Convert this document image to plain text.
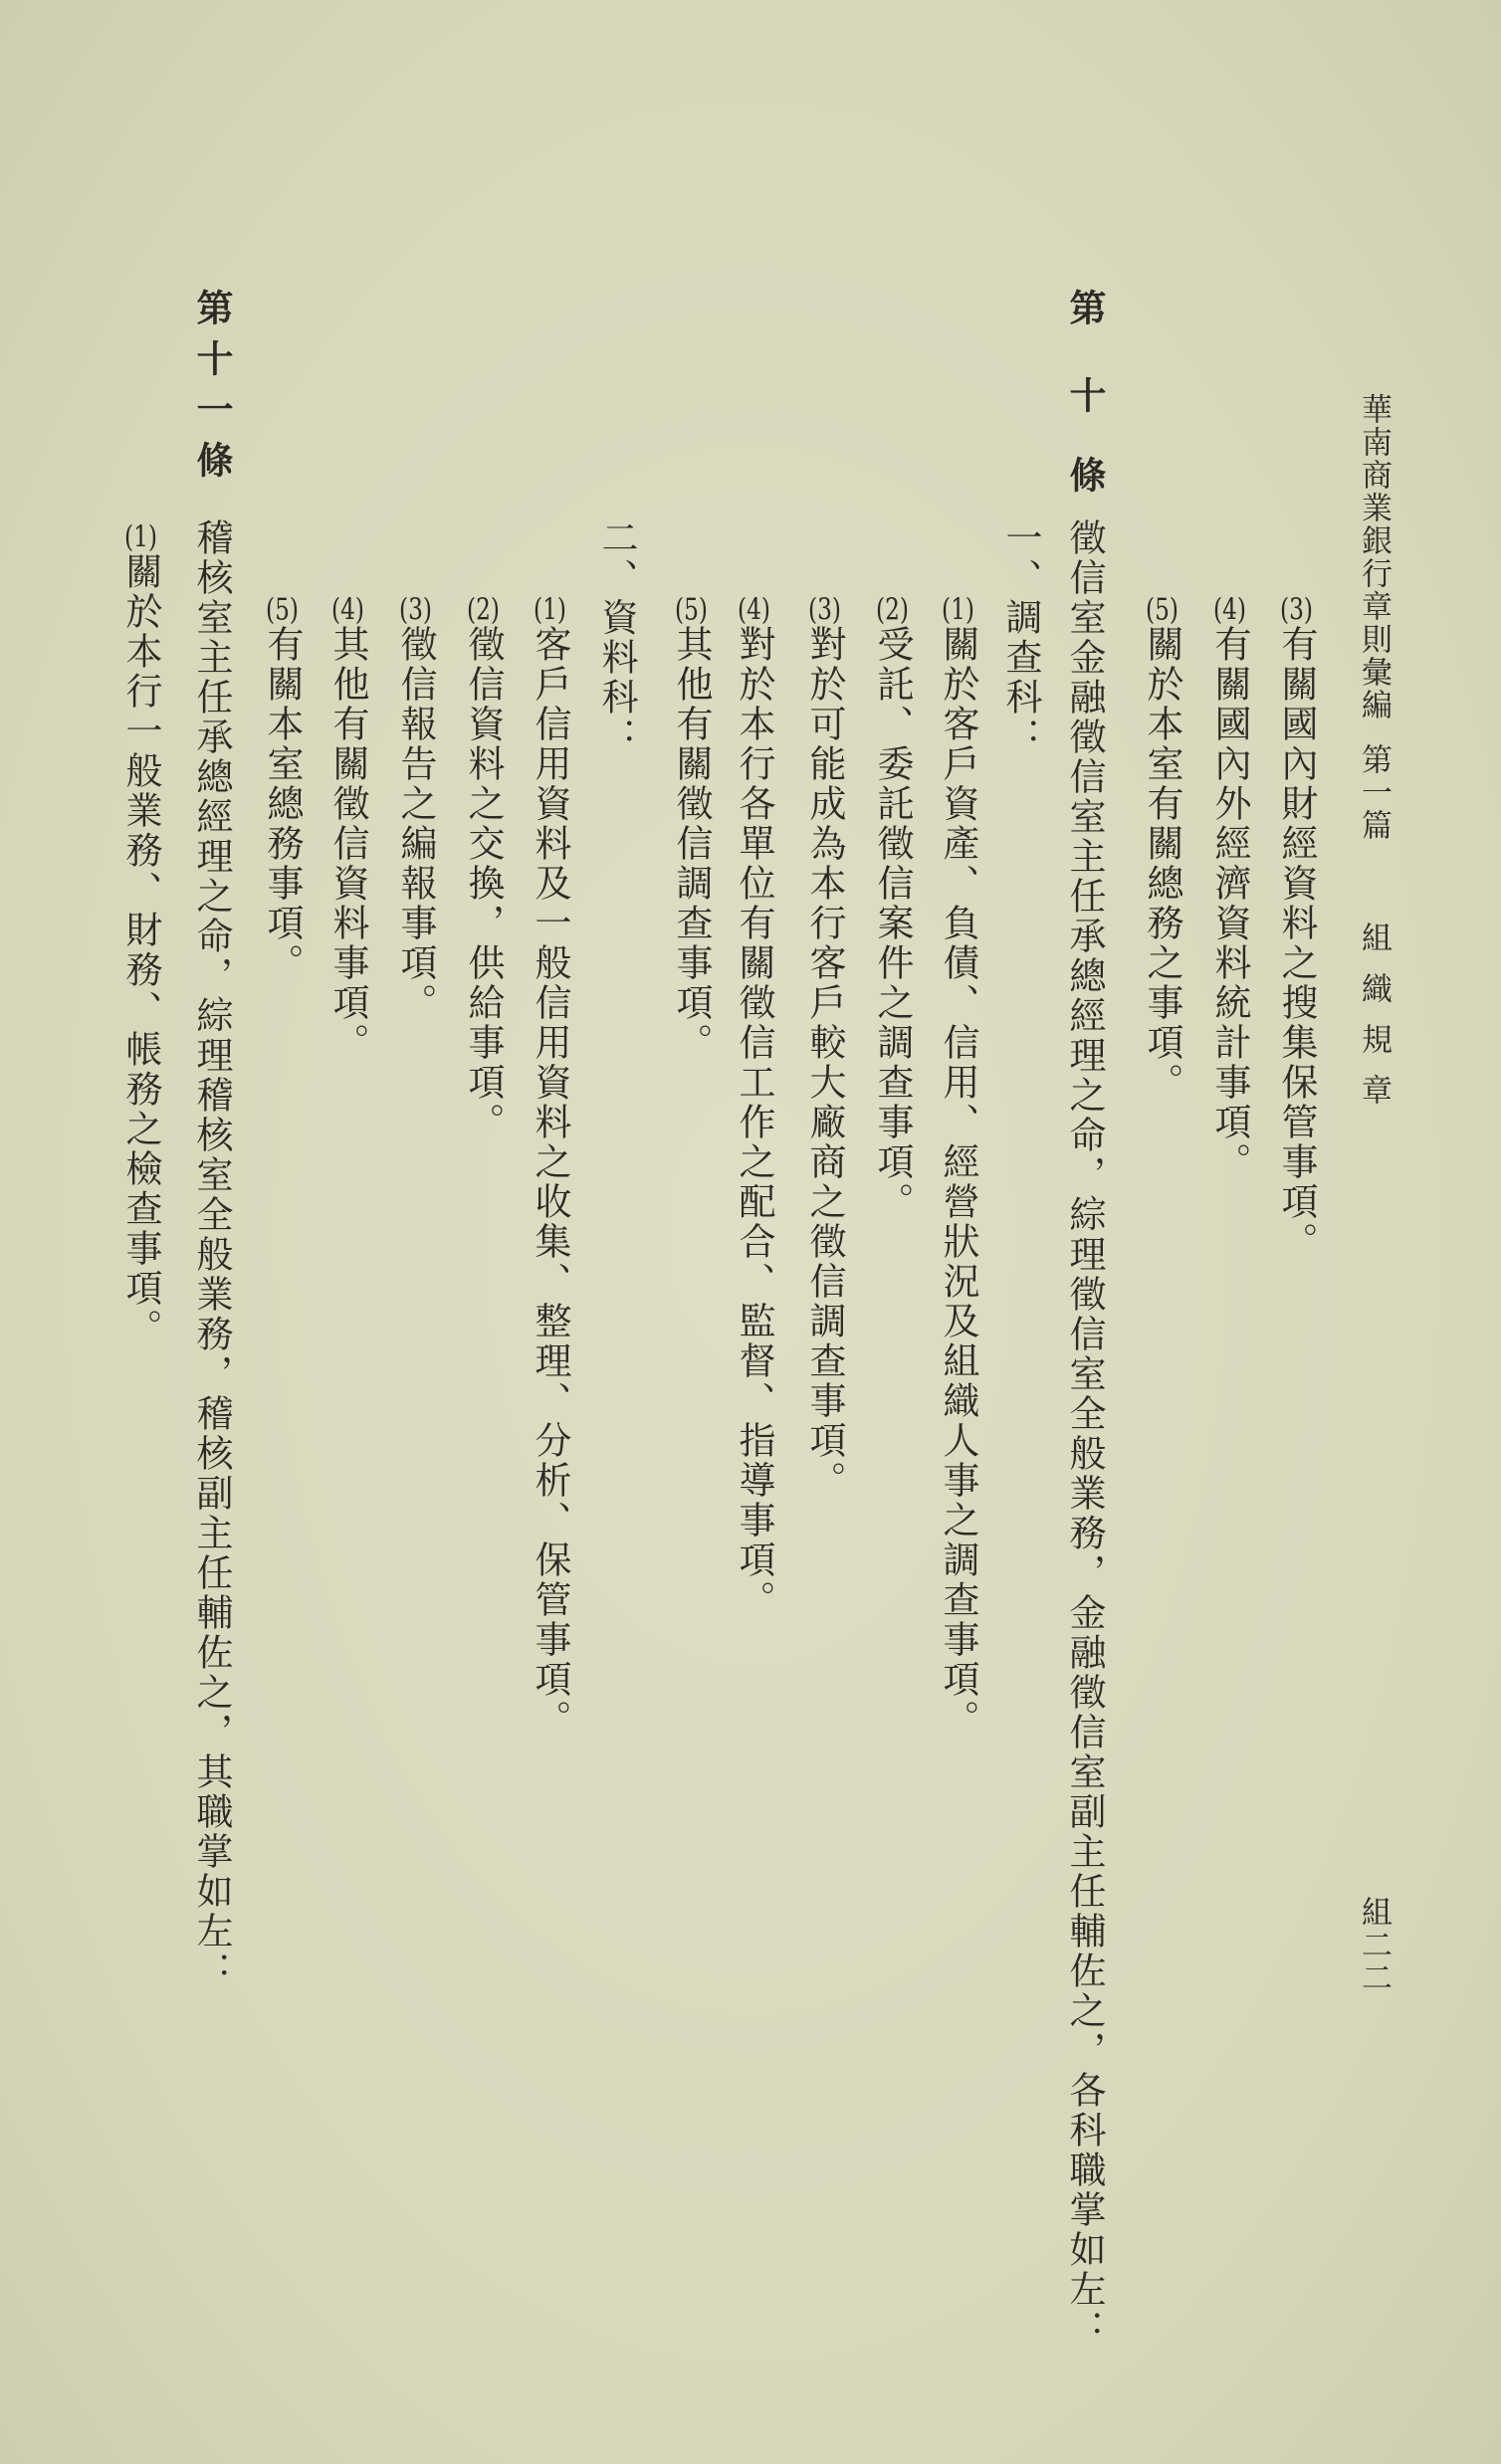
華南商業銀行章則彙編第一篇組織規章
組二二
(3)有關國內財經資料之搜集保管事項。
(4)有關國內外經濟資料統計事項。
(5)關於本室有關總務之事項。
第十條
徵信室金融徵信室主任承總經理之命，綜理徵信室全般業務，金融徵信室副主任輔佐之，各科職掌如左：
一、調查科：
(1)關於客戶資產、負債、信用、經營狀況及組織人事之調查事項。
(2)受託、委託徵信案件之調查事項。
(3)對於可能成為本行客戶較大廠商之徵信調查事項。
(4)對於本行各單位有關徵信工作之配合、監督、指導事項。
(5)其他有關徵信調查事項。
二、資料科：
(1)客戶信用資料及一般信用資料之收集、整理、分析、保管事項。
(2)徵信資料之交換，供給事項。
(3)徵信報告之編報事項。
(4)其他有關徵信資料事項。
(5)有關本室總務事項。
第十一條
稽核室主任承總經理之命，綜理稽核室全般業務，稽核副主任輔佐之，其職掌如左：
(1)關於本行一般業務、財務、帳務之檢查事項。
